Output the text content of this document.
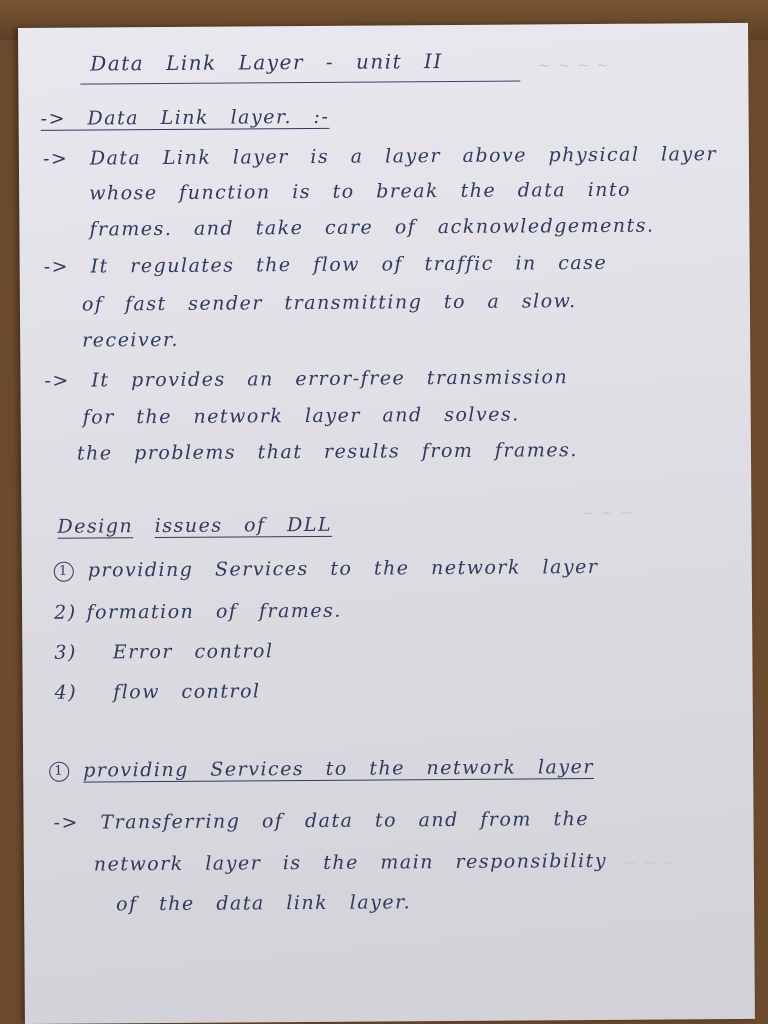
~ ~ ~ ~
~ ~ ~
~ ~ ~
Data Link Layer - unit II
-> Data Link layer. :-
-> Data Link layer is a layer above physical layer
whose function is to break the data into
frames. and take care of acknowledgements.
-> It regulates the flow of traffic in case
of fast sender transmitting to a slow.
receiver.
-> It provides an error-free transmission
for the network layer and solves.
the problems that results from frames.
Design issues of DLL
1 providing Services to the network layer
2) formation of frames.
3) Error control
4) flow control
1 providing Services to the network layer
-> Transferring of data to and from the
network layer is the main responsibility
of the data link layer.
